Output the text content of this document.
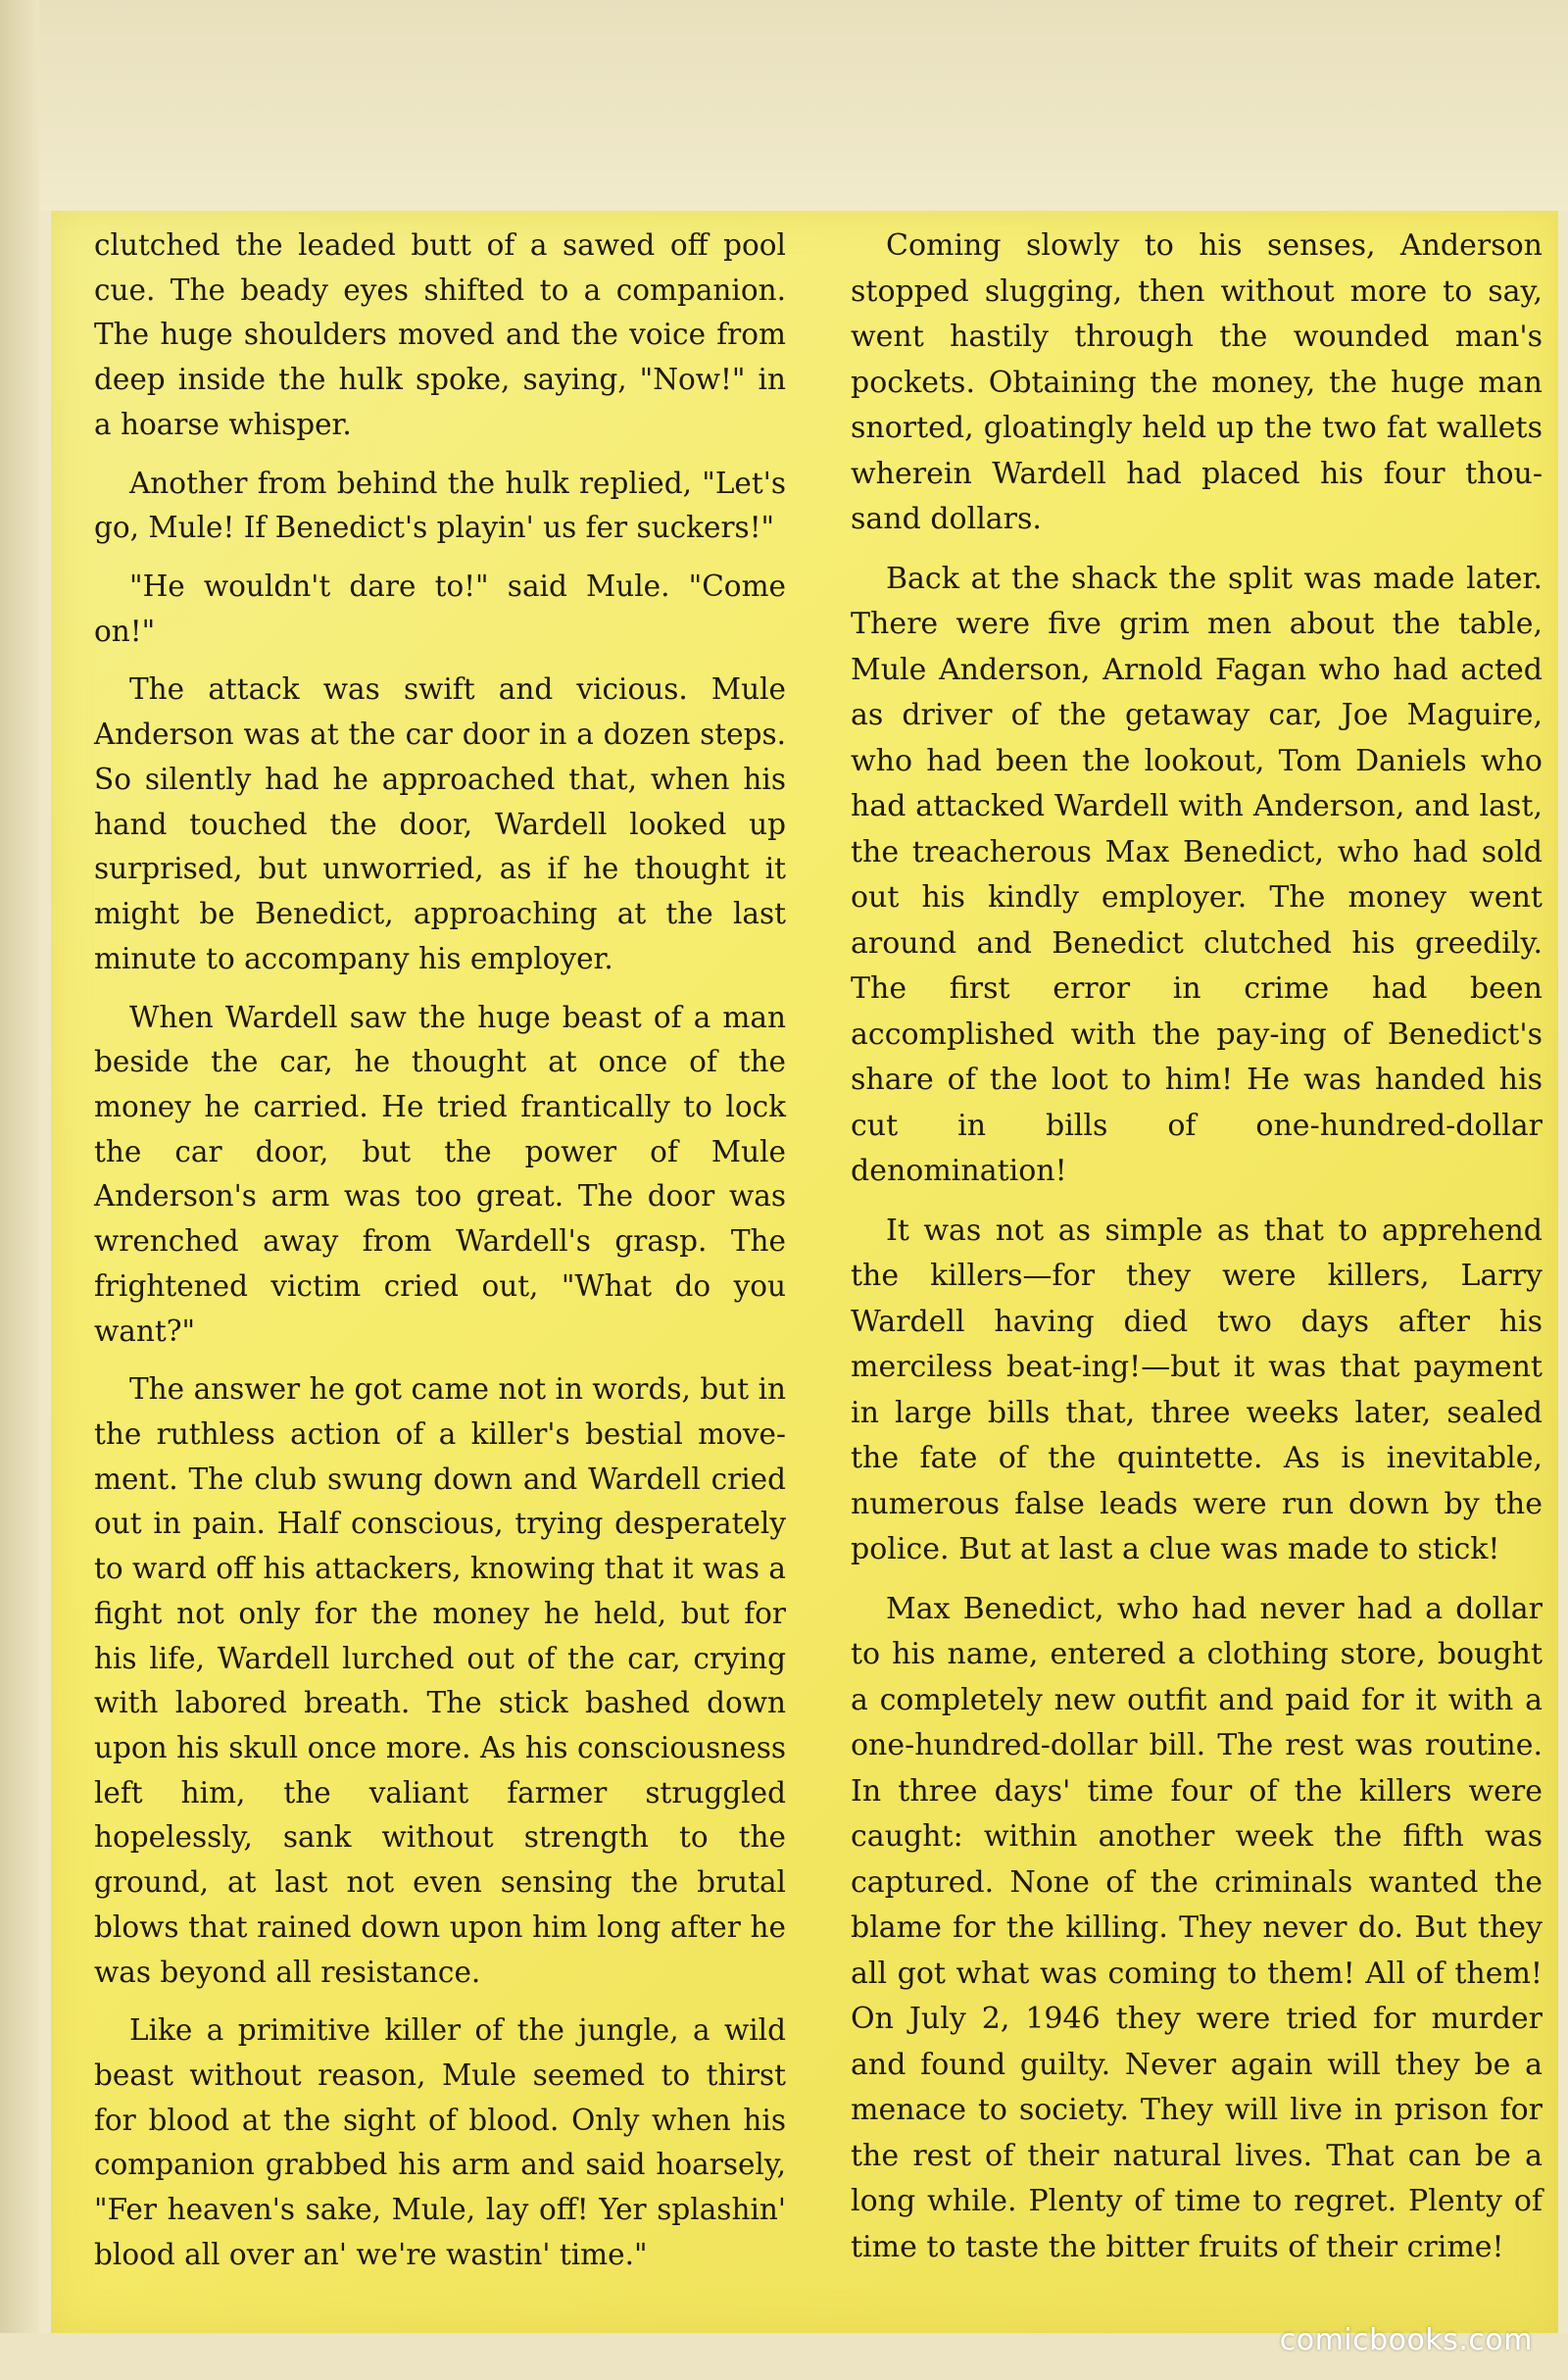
clutched the leaded butt of a sawed off pool cue. The beady eyes shifted to a companion. The huge shoulders moved and the voice from deep inside the hulk spoke, saying, "Now!" in a hoarse whisper.

Another from behind the hulk replied, "Let's go, Mule! If Benedict's playin' us fer suckers!"

"He wouldn't dare to!" said Mule. "Come on!"

The attack was swift and vicious. Mule Anderson was at the car door in a dozen steps. So silently had he approached that, when his hand touched the door, Wardell looked up surprised, but unworried, as if he thought it might be Benedict, approaching at the last minute to accompany his employer.

When Wardell saw the huge beast of a man beside the car, he thought at once of the money he carried. He tried frantically to lock the car door, but the power of Mule Anderson's arm was too great. The door was wrenched away from Wardell's grasp. The frightened victim cried out, "What do you want?"

The answer he got came not in words, but in the ruthless action of a killer's bestial move-ment. The club swung down and Wardell cried out in pain. Half conscious, trying desperately to ward off his attackers, knowing that it was a fight not only for the money he held, but for his life, Wardell lurched out of the car, crying with labored breath. The stick bashed down upon his skull once more. As his consciousness left him, the valiant farmer struggled hopelessly, sank without strength to the ground, at last not even sensing the brutal blows that rained down upon him long after he was beyond all resistance.

Like a primitive killer of the jungle, a wild beast without reason, Mule seemed to thirst for blood at the sight of blood. Only when his companion grabbed his arm and said hoarsely, "Fer heaven's sake, Mule, lay off! Yer splashin' blood all over an' we're wastin' time."

Coming slowly to his senses, Anderson stopped slugging, then without more to say, went hastily through the wounded man's pockets. Obtaining the money, the huge man snorted, gloatingly held up the two fat wallets wherein Wardell had placed his four thou-sand dollars.

Back at the shack the split was made later. There were five grim men about the table, Mule Anderson, Arnold Fagan who had acted as driver of the getaway car, Joe Maguire, who had been the lookout, Tom Daniels who had attacked Wardell with Anderson, and last, the treacherous Max Benedict, who had sold out his kindly employer. The money went around and Benedict clutched his greedily. The first error in crime had been accomplished with the pay-ing of Benedict's share of the loot to him! He was handed his cut in bills of one-hundred-dollar denomination!

It was not as simple as that to apprehend the killers—for they were killers, Larry Wardell having died two days after his merciless beat-ing!—but it was that payment in large bills that, three weeks later, sealed the fate of the quintette. As is inevitable, numerous false leads were run down by the police. But at last a clue was made to stick!

Max Benedict, who had never had a dollar to his name, entered a clothing store, bought a completely new outfit and paid for it with a one-hundred-dollar bill. The rest was routine. In three days' time four of the killers were caught: within another week the fifth was captured. None of the criminals wanted the blame for the killing. They never do. But they all got what was coming to them! All of them! On July 2, 1946 they were tried for murder and found guilty. Never again will they be a menace to society. They will live in prison for the rest of their natural lives. That can be a long while. Plenty of time to regret. Plenty of time to taste the bitter fruits of their crime!

comicbooks.com
